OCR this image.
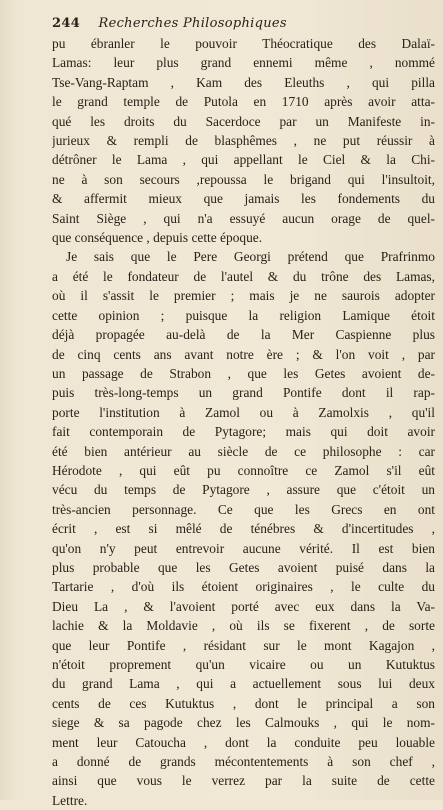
244 Recherches Philosophiques
pu ébranler le pouvoir Théocratique des Dalaï-
Lamas: leur plus grand ennemi même , nommé
Tse-Vang-Raptam , Kam des Eleuths , qui pilla
le grand temple de Putola en 1710 après avoir atta-
qué les droits du Sacerdoce par un Manifeste in-
jurieux & rempli de blasphêmes , ne put réussir à
détrôner le Lama , qui appellant le Ciel & la Chi-
ne à son secours ,repoussa le brigand qui l'insultoit,
& affermit mieux que jamais les fondements du
Saint Siège , qui n'a essuyé aucun orage de quel-
que conséquence , depuis cette époque.
Je sais que le Pere Georgi prétend que Prafrinmo
a été le fondateur de l'autel & du trône des Lamas,
où il s'assit le premier ; mais je ne saurois adopter
cette opinion ; puisque la religion Lamique étoit
déjà propagée au-delà de la Mer Caspienne plus
de cinq cents ans avant notre ère ; & l'on voit , par
un passage de Strabon , que les Getes avoient de-
puis très-long-temps un grand Pontife dont il rap-
porte l'institution à Zamol ou à Zamolxis , qu'il
fait contemporain de Pytagore; mais qui doit avoir
été bien antérieur au siècle de ce philosophe : car
Hérodote , qui eût pu connoître ce Zamol s'il eût
vécu du temps de Pytagore , assure que c'étoit un
très-ancien personnage. Ce que les Grecs en ont
écrit , est si mêlé de ténébres & d'incertitudes ,
qu'on n'y peut entrevoir aucune vérité. Il est bien
plus probable que les Getes avoient puisé dans la
Tartarie , d'où ils étoient originaires , le culte du
Dieu La , & l'avoient porté avec eux dans la Va-
lachie & la Moldavie , où ils se fixerent , de sorte
que leur Pontife , résidant sur le mont Kagajon ,
n'étoit proprement qu'un vicaire ou un Kutuktus
du grand Lama , qui a actuellement sous lui deux
cents de ces Kutuktus , dont le principal a son
siege & sa pagode chez les Calmouks , qui le nom-
ment leur Catoucha , dont la conduite peu louable
a donné de grands mécontentements à son chef ,
ainsi que vous le verrez par la suite de cette
Lettre.
